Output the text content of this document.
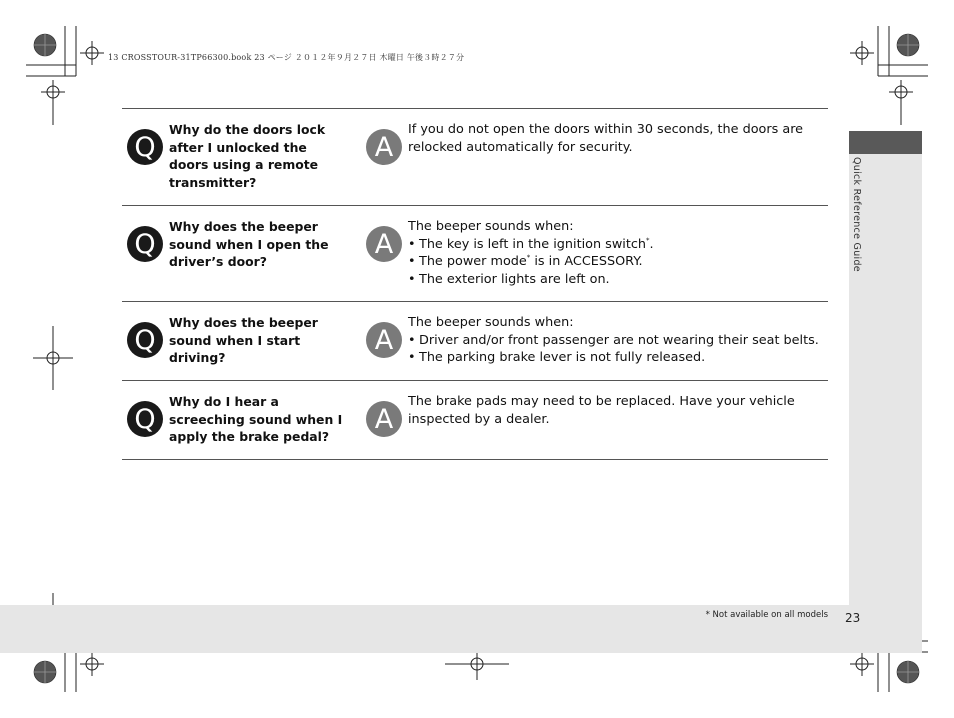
13 CROSSTOUR-31TP66300.book 23 ページ ２０１２年９月２７日 木曜日 午後３時２７分
Quick Reference Guide
Q
Why do the doors lock after I unlocked the doors using a remote transmitter?
A

If you do not open the doors within 30 seconds, the doors are relocked automatically for security.

Q
Why does the beeper sound when I open the driver’s door?
A

The beeper sounds when:

• The key is left in the ignition switch*.
• The power mode* is in ACCESSORY.
• The exterior lights are left on.
Q
Why does the beeper sound when I start driving?
A

The beeper sounds when:

• Driver and/or front passenger are not wearing their seat belts.
• The parking brake lever is not fully released.
Q
Why do I hear a screeching sound when I apply the brake pedal?
A

The brake pads may need to be replaced. Have your vehicle inspected by a dealer.

* Not available on all models 23
